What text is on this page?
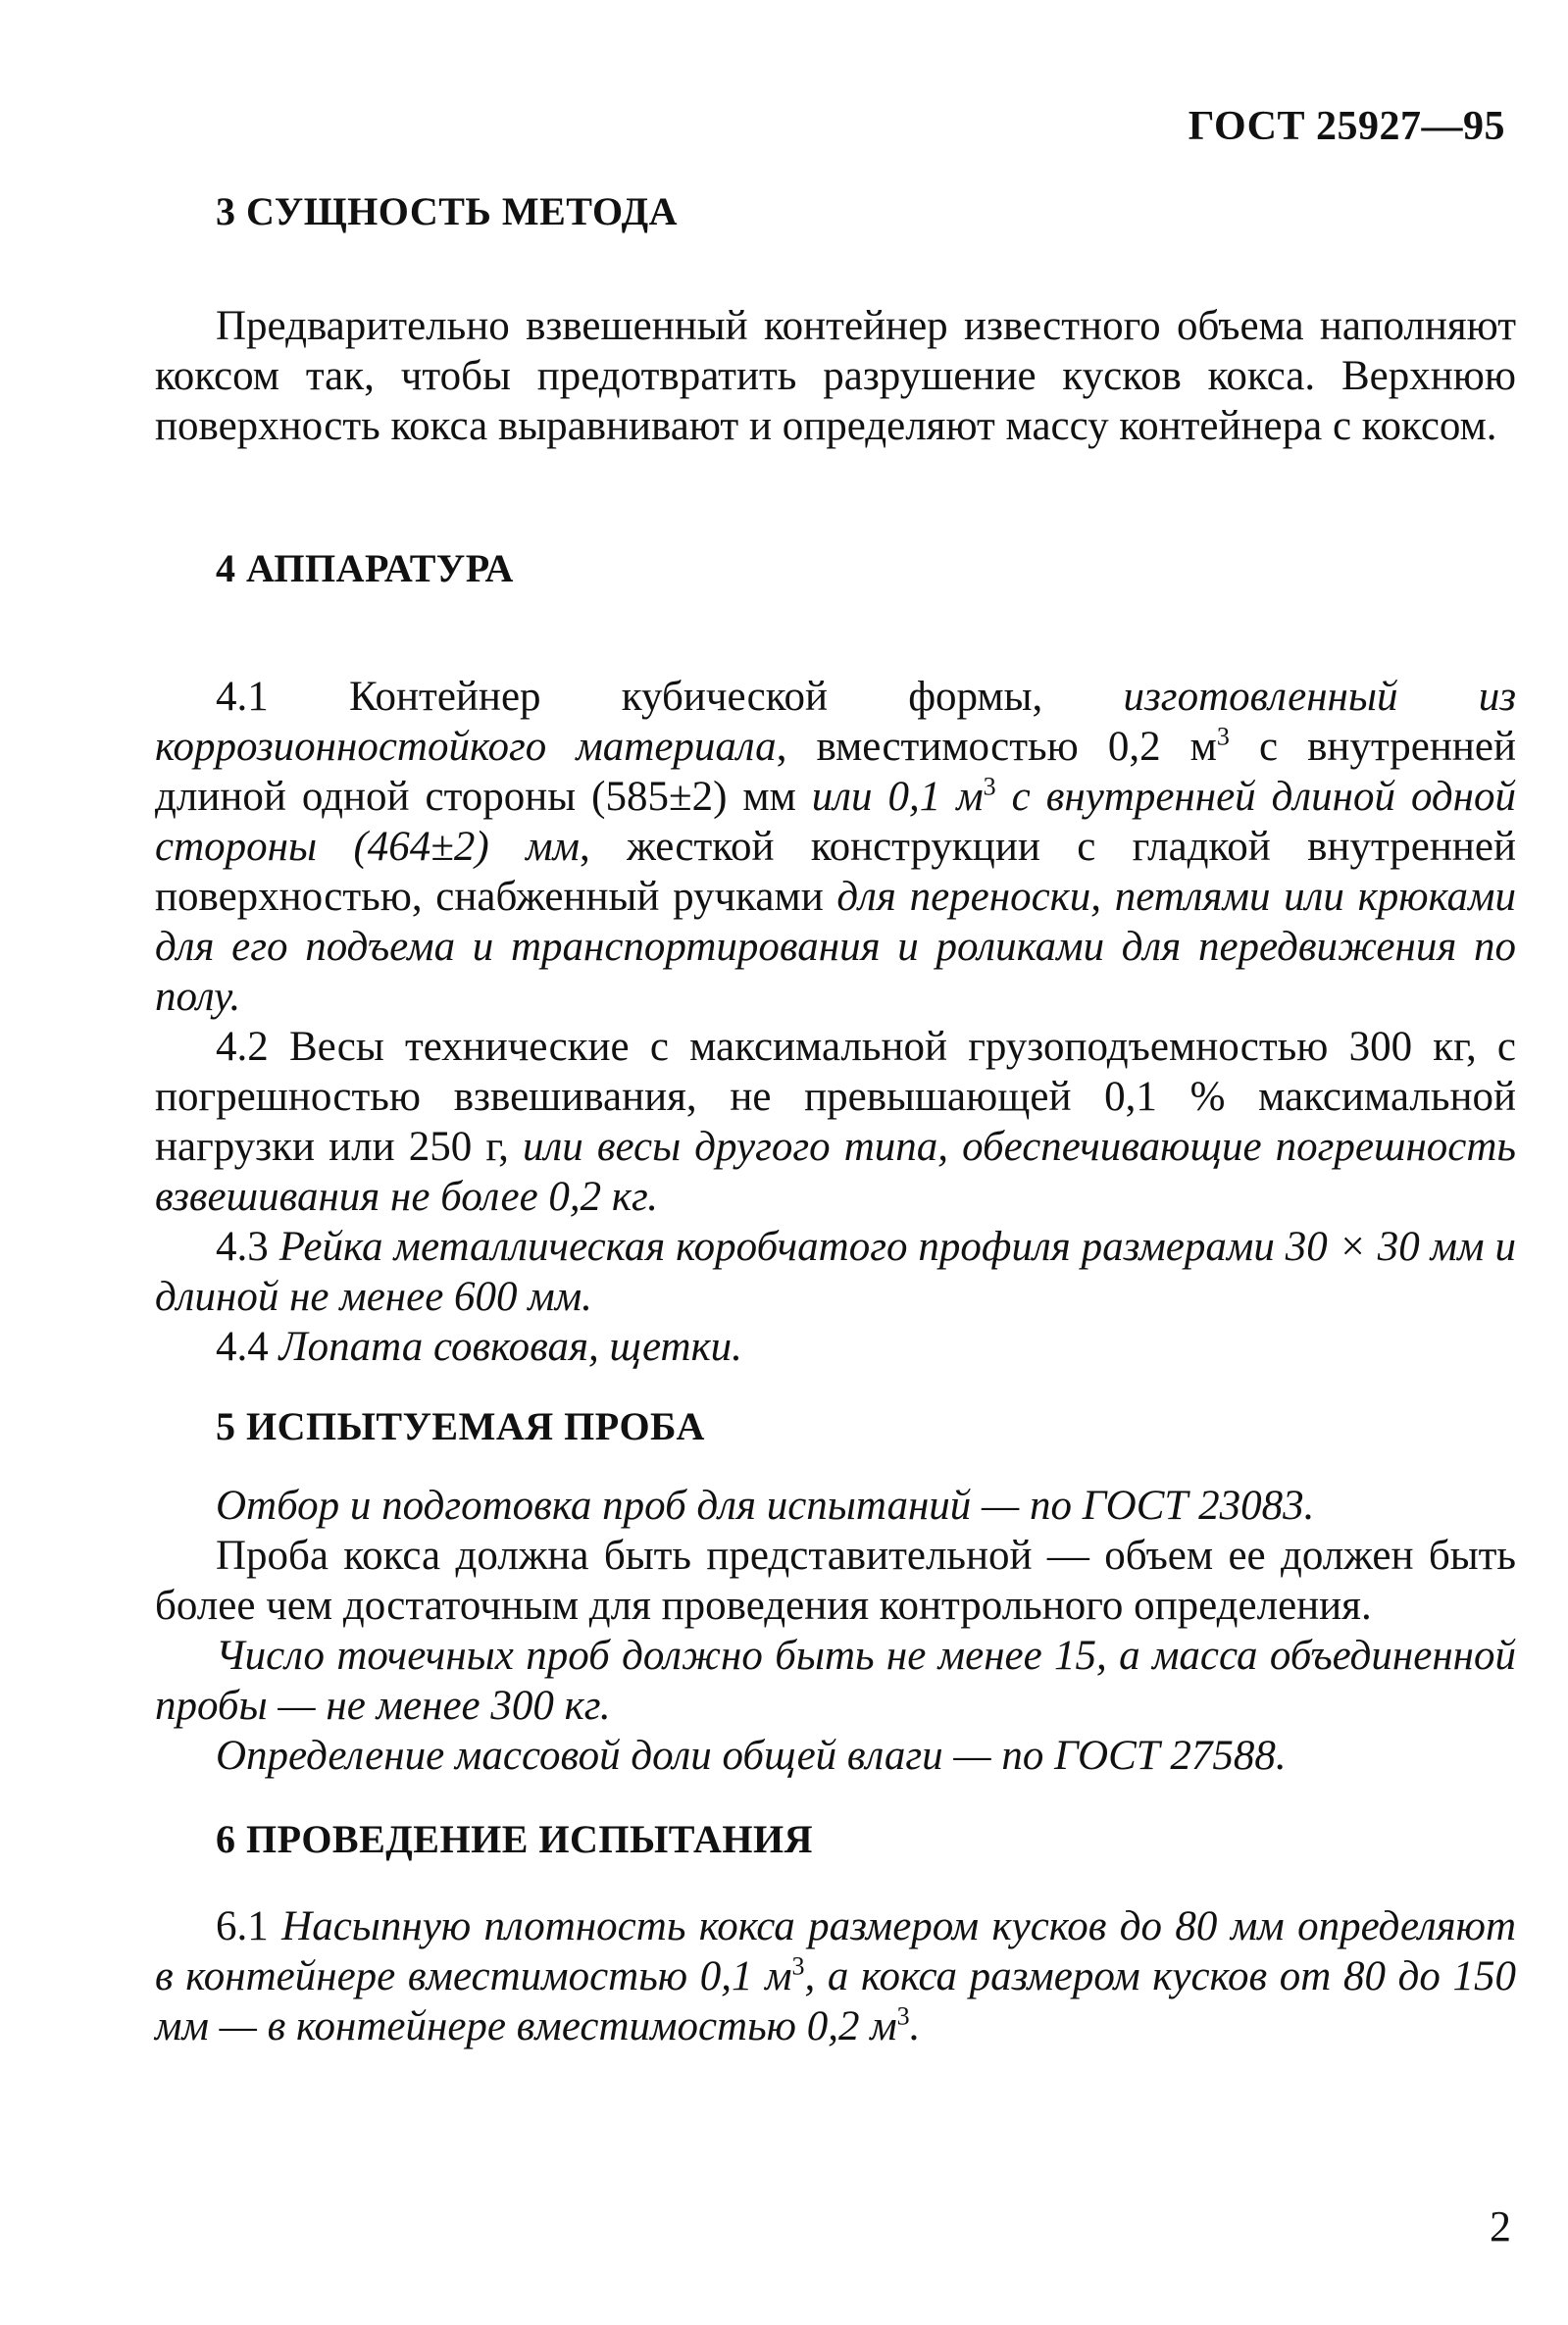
ГОСТ 25927—95
3 СУЩНОСТЬ МЕТОДА

Предварительно взвешенный контейнер известного объема наполняют коксом так, чтобы предотвратить разрушение кусков кокса. Верхнюю поверхность кокса выравнивают и определяют массу контейнера с коксом.

4 АППАРАТУРА

4.1 Контейнер кубической формы, изготовленный из коррозионностойкого материала, вместимостью 0,2 $м^3$ с внутренней длиной одной стороны (585±2) мм или 0,1 $м^3$ с внутренней длиной одной стороны (464±2) мм, жесткой конструкции с гладкой внутренней поверхностью, снабженный ручками для переноски, петлями или крюками для его подъема и транспортирования и роликами для передвижения по полу.

4.2 Весы технические с максимальной грузоподъемностью 300 кг, с погрешностью взвешивания, не превышающей 0,1 % максимальной нагрузки или 250 г, или весы другого типа, обеспечивающие погрешность взвешивания не более 0,2 кг.

4.3 Рейка металлическая коробчатого профиля размерами 30 × 30 мм и длиной не менее 600 мм.

4.4 Лопата совковая, щетки.

5 ИСПЫТУЕМАЯ ПРОБА

Отбор и подготовка проб для испытаний — по ГОСТ 23083.

Проба кокса должна быть представительной — объем ее должен быть более чем достаточным для проведения контрольного определения.

Число точечных проб должно быть не менее 15, а масса объединенной пробы — не менее 300 кг.

Определение массовой доли общей влаги — по ГОСТ 27588.

6 ПРОВЕДЕНИЕ ИСПЫТАНИЯ

6.1 Насыпную плотность кокса размером кусков до 80 мм определяют в контейнере вместимостью 0,1 $м^3$, а кокса размером кусков от 80 до 150 мм — в контейнере вместимостью 0,2 $м^3$.

2
